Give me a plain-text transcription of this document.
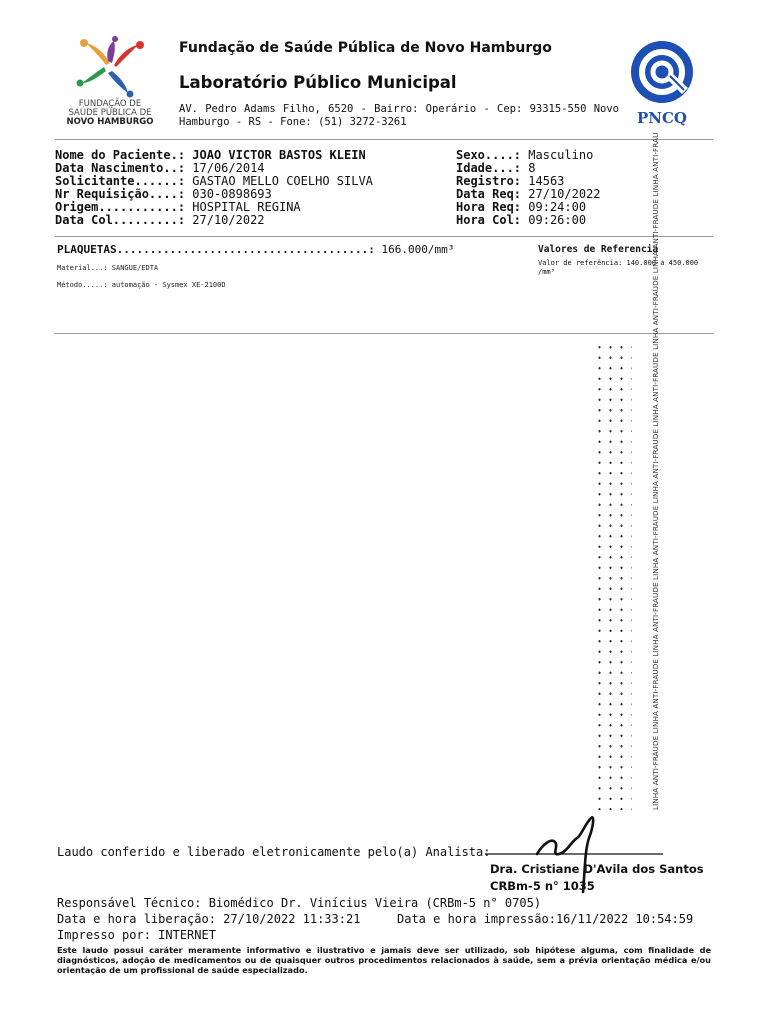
FUNDAÇÃO DE
SAÚDE PÚBLICA DE
NOVO HAMBURGO
Fundação de Saúde Pública de Novo Hamburgo
Laboratório Público Municipal
AV. Pedro Adams Filho, 6520 - Bairro: Operário - Cep: 93315-550 Novo Hamburgo - RS - Fone: (51) 3272-3261	PNCQ
Nome do Paciente.: JOAO VICTOR BASTOS KLEIN
Data Nascimento..: 17/06/2014
Solicitante......: GASTAO MELLO COELHO SILVA
Nr Requisição....: 030-0898693
Origem...........: HOSPITAL REGINA
Data Col.........: 27/10/2022
Sexo....: Masculino
Idade...: 8
Registro: 14563
Data Req: 27/10/2022
Hora Req: 09:24:00
Hora Col: 09:26:00
PLAQUETAS......................................: 166.000/mm³
Material...: SANGUE/EDTA
Método.....: automação - Sysmex XE-2100D
Valores de Referencia
Valor de referência: 140.000 a 450.000 /mm³	LINHA ANTI-FRAUDE LINHA ANTI-FRAUDE LINHA ANTI-FRAUDE LINHA ANTI-FRAUDE LINHA ANTI-FRAUDE LINHA ANTI-FRAUDE LINHA ANTI-FRAUDE LINHA ANTI-FRAUDE LINHA ANTI-FRAU
Laudo conferido e liberado eletronicamente pelo(a) Analista:
Dra. Cristiane D'Avila dos Santos
CRBm-5 n° 1035
Responsável Técnico: Biomédico Dr. Vinícius Vieira (CRBm-5 n° 0705)
Data e hora liberação: 27/10/2022 11:33:21	Data e hora impressão:16/11/2022 10:54:59
Impresso por: INTERNET
Este laudo possui caráter meramente informativo e ilustrativo e jamais deve ser utilizado, sob hipótese alguma, com finalidade de diagnósticos, adoção de medicamentos ou de quaisquer outros procedimentos relacionados à saúde, sem a prévia orientação médica e/ou orientação de um profissional de saúde especializado.
